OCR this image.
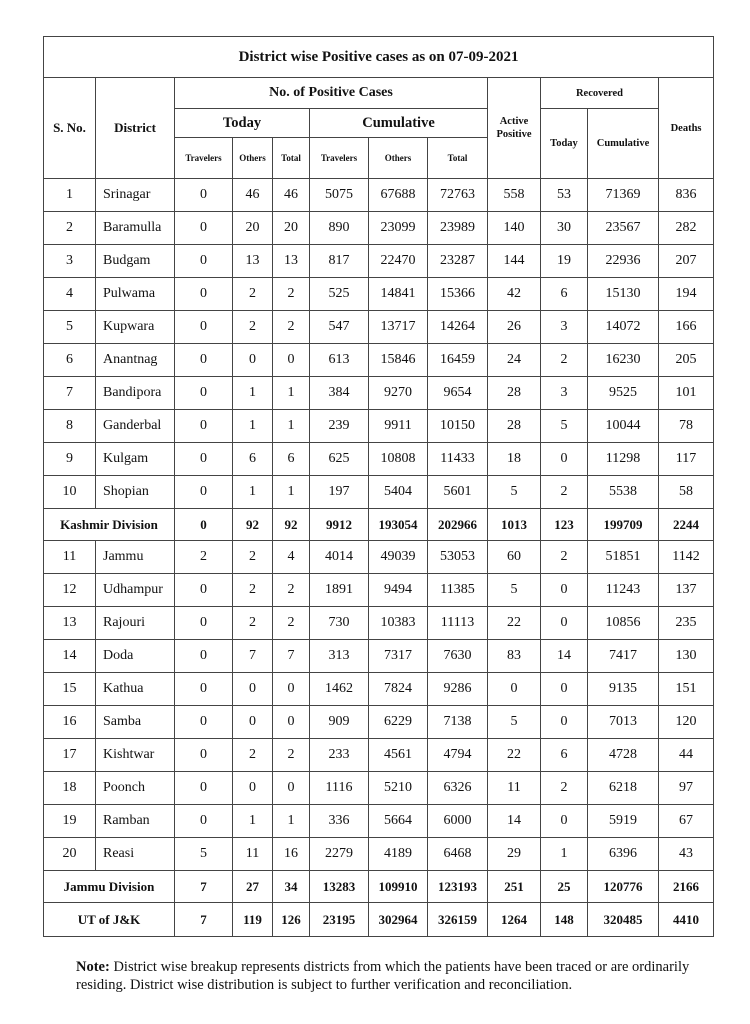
District wise Positive cases as on 07-09-2021											
S. No.	District	No. of Positive Cases						Active Positive	Recovered		Deaths
		Today			Cumulative				Today	Cumulative	
		Travelers	Others	Total	Travelers	Others	Total				
1	Srinagar	0	46	46	5075	67688	72763	558	53	71369	836
2	Baramulla	0	20	20	890	23099	23989	140	30	23567	282
3	Budgam	0	13	13	817	22470	23287	144	19	22936	207
4	Pulwama	0	2	2	525	14841	15366	42	6	15130	194
5	Kupwara	0	2	2	547	13717	14264	26	3	14072	166
6	Anantnag	0	0	0	613	15846	16459	24	2	16230	205
7	Bandipora	0	1	1	384	9270	9654	28	3	9525	101
8	Ganderbal	0	1	1	239	9911	10150	28	5	10044	78
9	Kulgam	0	6	6	625	10808	11433	18	0	11298	117
10	Shopian	0	1	1	197	5404	5601	5	2	5538	58
Kashmir Division		0	92	92	9912	193054	202966	1013	123	199709	2244
11	Jammu	2	2	4	4014	49039	53053	60	2	51851	1142
12	Udhampur	0	2	2	1891	9494	11385	5	0	11243	137
13	Rajouri	0	2	2	730	10383	11113	22	0	10856	235
14	Doda	0	7	7	313	7317	7630	83	14	7417	130
15	Kathua	0	0	0	1462	7824	9286	0	0	9135	151
16	Samba	0	0	0	909	6229	7138	5	0	7013	120
17	Kishtwar	0	2	2	233	4561	4794	22	6	4728	44
18	Poonch	0	0	0	1116	5210	6326	11	2	6218	97
19	Ramban	0	1	1	336	5664	6000	14	0	5919	67
20	Reasi	5	11	16	2279	4189	6468	29	1	6396	43
Jammu Division		7	27	34	13283	109910	123193	251	25	120776	2166
UT of J&K		7	119	126	23195	302964	326159	1264	148	320485	4410
Note: District wise breakup represents districts from which the patients have been traced or are ordinarily residing. District wise distribution is subject to further verification and reconciliation.
